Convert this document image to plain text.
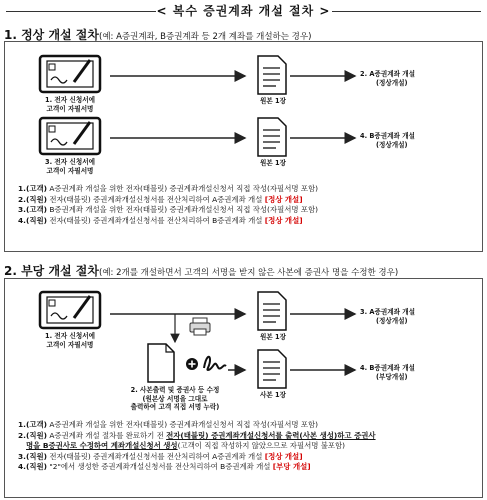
< 복수 증권계좌 개설 절차 >
1. 정상 개설 절차(예: A증권계좌, B증권계좌 등 2개 계좌를 개설하는 경우)
2. 부당 개설 절차(예: 2개를 개설하면서 고객의 서명을 받지 않은 사본에 증권사 명을 수정한 경우)
1. 전자 신청서에
고객이 자필서명
3. 전자 신청서에
고객이 자필서명
원본 1장
원본 1장
2. A증권계좌 개설
(정상개설)
4. B증권계좌 개설
(정상개설)
1.(고객) A증권계좌 개설을 위한 전자(태블릿) 증권계좌개설신청서 직접 작성(자필서명 포함)
2.(직원) 전자(태블릿) 증권계좌개설신청서를 전산처리하여 A증권계좌 개설 [정상 개설]
3.(고객) B증권계좌 개설을 위한 전자(태블릿) 증권계좌개설신청서 직접 작성(자필서명 포함)
4.(직원) 전자(태블릿) 증권계좌개설신청서를 전산처리하여 B증권계좌 개설 [정상 개설]
1. 전자 신청서에
고객이 자필서명
2. 사본출력 및 증권사 등 수정
(원본상 서명을 그대로
출력하여 고객 직접 서명 누락)
원본 1장
사본 1장
3. A증권계좌 개설
(정상개설)
4. B증권계좌 개설
(부당개설)
1.(고객) A증권계좌 개설을 위한 전자(태블릿) 증권계좌개설신청서 직접 작성(자필서명 포함)
2.(직원) A증권계좌 개설 절차를 완료하기 전 전자(태블릿) 증권계좌개설신청서를 출력(사본 생성)하고 증권사
명을 B증권사로 수정하여 계좌개설신청서 생성(고객이 직접 작성하지 않았으므로 자필서명 불포함)
3.(직원) 전자(태블릿) 증권계좌개설신청서를 전산처리하여 A증권계좌 개설 [정상 개설]
4.(직원) "2"에서 생성한 증권계좌개설신청서를 전산처리하여 B증권계좌 개설 [부당 개설]
